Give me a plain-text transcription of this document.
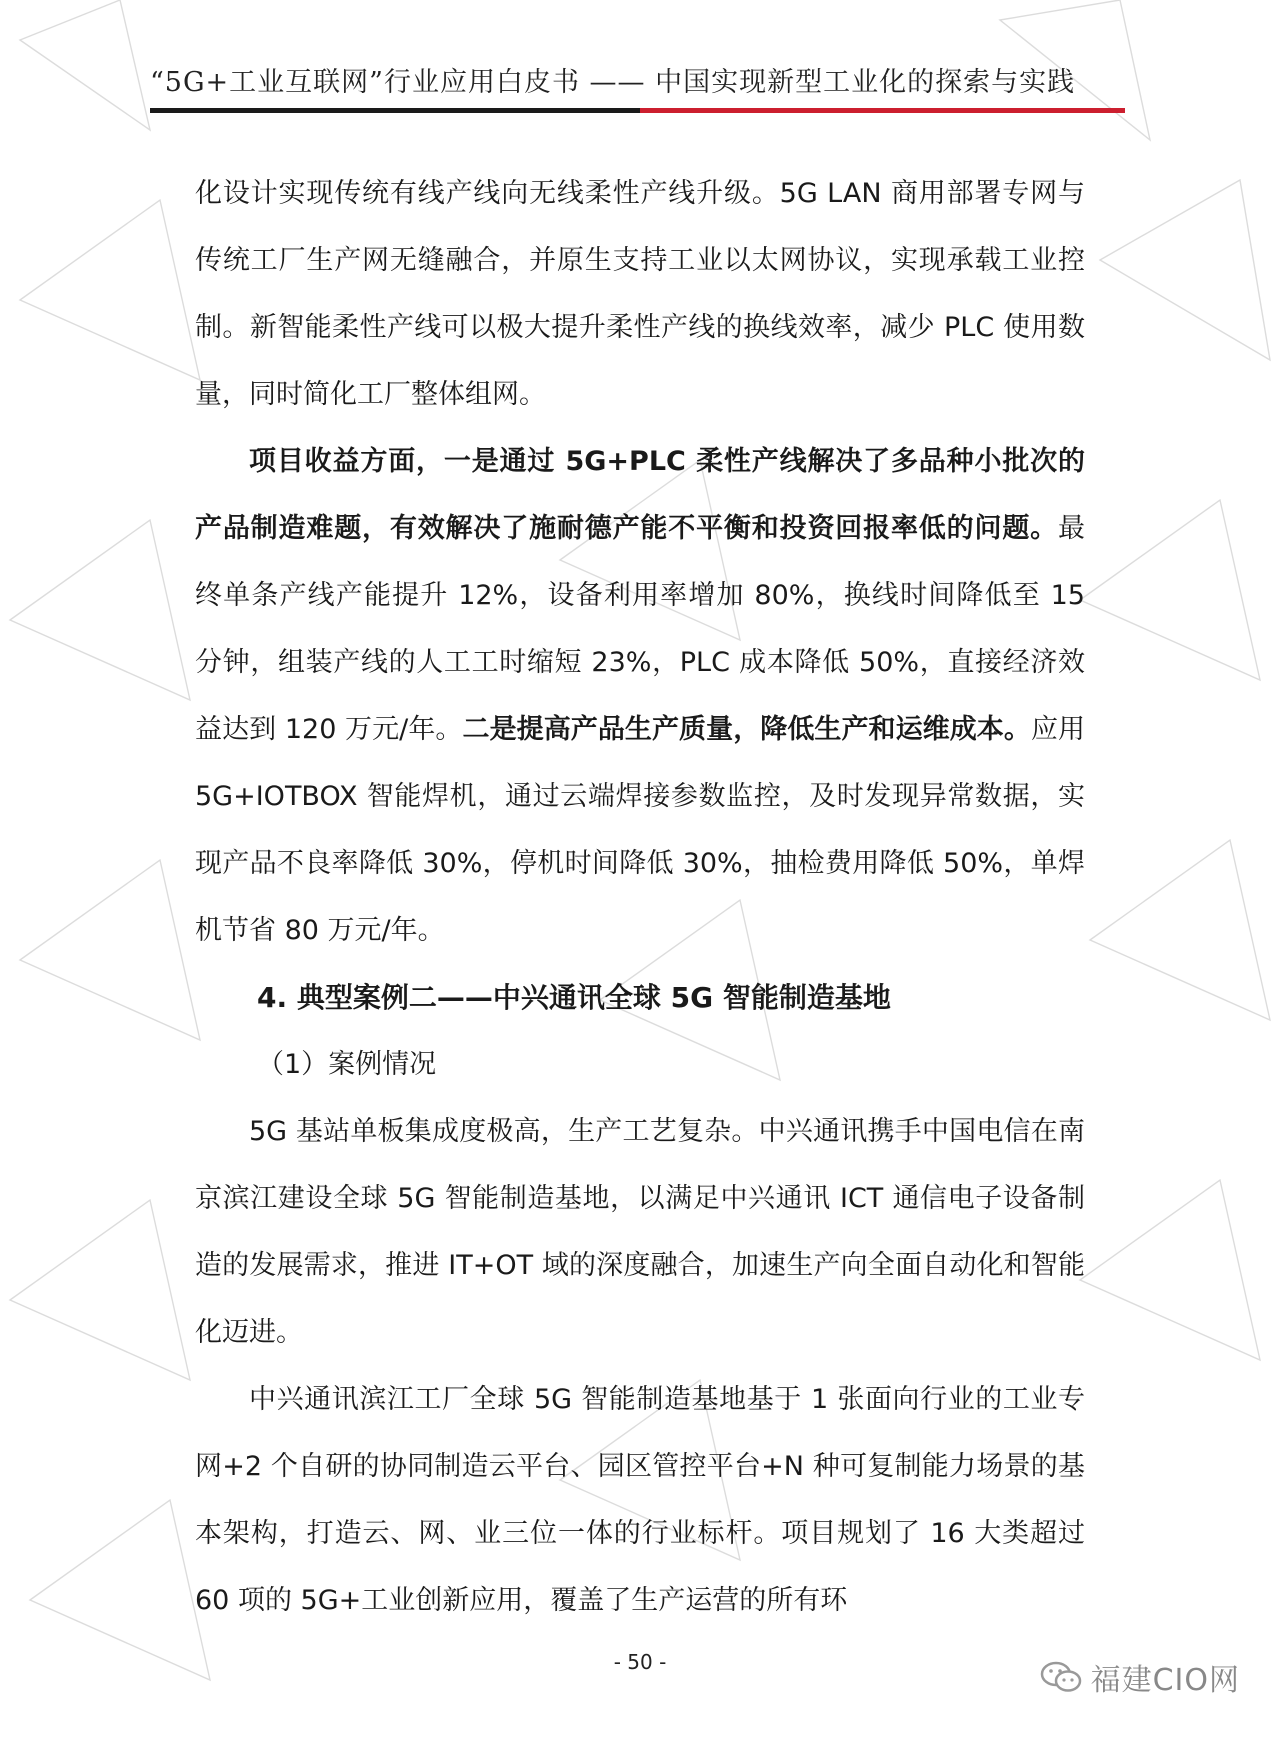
“5G+工业互联网”行业应用白皮书 —— 中国实现新型工业化的探索与实践

化设计实现传统有线产线向无线柔性产线升级。5G LAN 商用部署专网与传统工厂生产网无缝融合，并原生支持工业以太网协议，实现承载工业控制。新智能柔性产线可以极大提升柔性产线的换线效率，减少 PLC 使用数量，同时简化工厂整体组网。

项目收益方面，一是通过 5G+PLC 柔性产线解决了多品种小批次的产品制造难题，有效解决了施耐德产能不平衡和投资回报率低的问题。最终单条产线产能提升 12%，设备利用率增加 80%，换线时间降低至 15 分钟，组装产线的人工工时缩短 23%，PLC 成本降低 50%，直接经济效益达到 120 万元/年。二是提高产品生产质量，降低生产和运维成本。应用 5G+IOTBOX 智能焊机，通过云端焊接参数监控，及时发现异常数据，实现产品不良率降低 30%，停机时间降低 30%，抽检费用降低 50%，单焊机节省 80 万元/年。

4. 典型案例二——中兴通讯全球 5G 智能制造基地

（1）案例情况

5G 基站单板集成度极高，生产工艺复杂。中兴通讯携手中国电信在南京滨江建设全球 5G 智能制造基地，以满足中兴通讯 ICT 通信电子设备制造的发展需求，推进 IT+OT 域的深度融合，加速生产向全面自动化和智能化迈进。

中兴通讯滨江工厂全球 5G 智能制造基地基于 1 张面向行业的工业专网+2 个自研的协同制造云平台、园区管控平台+N 种可复制能力场景的基本架构，打造云、网、业三位一体的行业标杆。项目规划了 16 大类超过 60 项的 5G+工业创新应用，覆盖了生产运营的所有环

- 50 -
福建CIO网
